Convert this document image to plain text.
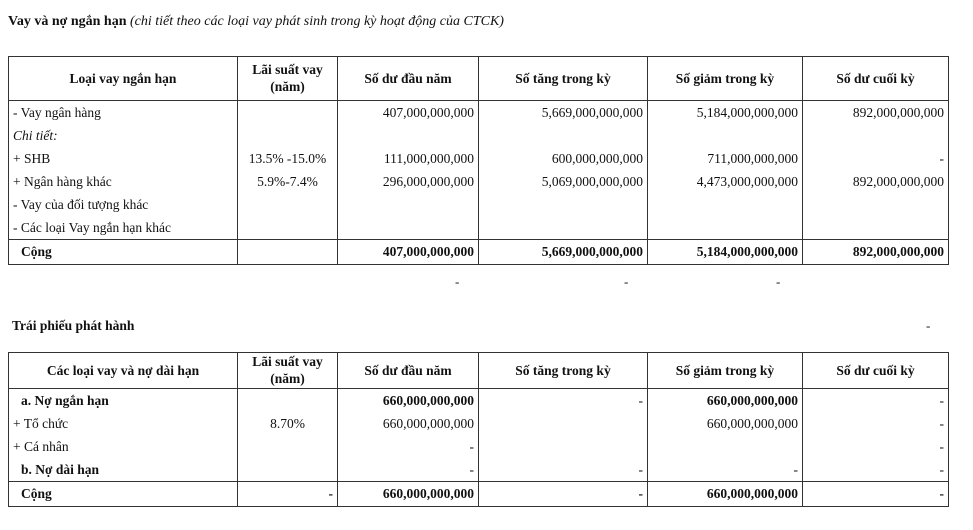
Vay và nợ ngắn hạn (chi tiết theo các loại vay phát sinh trong kỳ hoạt động của CTCK)
Loại vay ngắn hạn	Lãi suất vay (năm)	Số dư đầu năm	Số tăng trong kỳ	Số giảm trong kỳ	Số dư cuối kỳ
- Vay ngân hàng		407,000,000,000	5,669,000,000,000	5,184,000,000,000	892,000,000,000
Chi tiết:					
+ SHB	13.5% -15.0%	111,000,000,000	600,000,000,000	711,000,000,000	-
+ Ngân hàng khác	5.9%-7.4%	296,000,000,000	5,069,000,000,000	4,473,000,000,000	892,000,000,000
- Vay của đối tượng khác					
- Các loại Vay ngắn hạn khác					
Cộng		407,000,000,000	5,669,000,000,000	5,184,000,000,000	892,000,000,000
-	-	-
Trái phiếu phát hành	-
Các loại vay và nợ dài hạn	Lãi suất vay (năm)	Số dư đầu năm	Số tăng trong kỳ	Số giảm trong kỳ	Số dư cuối kỳ
a. Nợ ngắn hạn		660,000,000,000	-	660,000,000,000	-
+ Tổ chức	8.70%	660,000,000,000		660,000,000,000	-
+ Cá nhân		-			-
b. Nợ dài hạn		-	-	-	-
Cộng	-	660,000,000,000	-	660,000,000,000	-
